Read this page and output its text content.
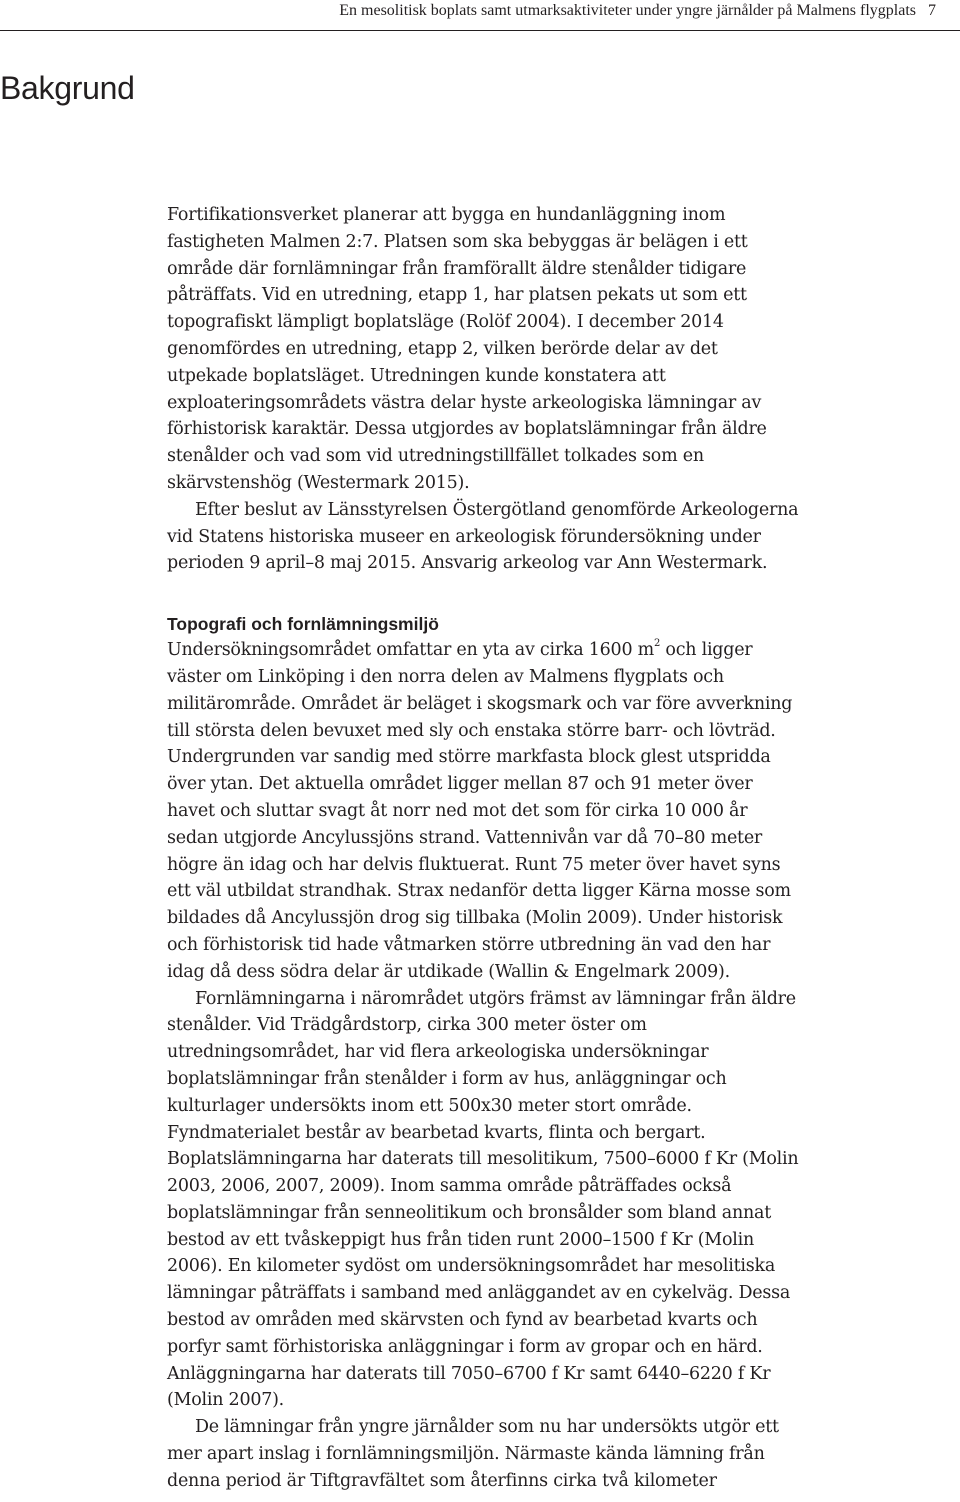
En mesolitisk boplats samt utmarksaktiviteter under yngre järnålder på Malmens flygplats 7
Bakgrund

Fortifikationsverket planerar att bygga en hundanläggning inom fastigheten Malmen 2:7. Platsen som ska bebyggas är belägen i ett område där fornlämningar från framförallt äldre stenålder tidigare påträffats. Vid en utredning, etapp 1, har platsen pekats ut som ett topografiskt lämpligt boplatsläge (Rolöf 2004). I december 2014 genomfördes en utredning, etapp 2, vilken berörde delar av det utpekade boplatsläget. Utredningen kunde konstatera att exploateringsområdets västra delar hyste arkeologiska lämningar av förhistorisk karaktär. Dessa utgjordes av boplatslämningar från äldre stenålder och vad som vid utredningstillfället tolkades som en skärvstenshög (Westermark 2015).

Efter beslut av Länsstyrelsen Östergötland genomförde Arkeologerna vid Statens historiska museer en arkeologisk förundersökning under perioden 9 april–8 maj 2015. Ansvarig arkeolog var Ann Westermark.

Topografi och fornlämningsmiljö

Undersökningsområdet omfattar en yta av cirka 1600 $m^2$ och ligger väster om Linköping i den norra delen av Malmens flygplats och militärområde. Området är beläget i skogsmark och var före avverkning till största delen bevuxet med sly och enstaka större barr- och lövträd. Undergrunden var sandig med större markfasta block glest utspridda över ytan. Det aktuella området ligger mellan 87 och 91 meter över havet och sluttar svagt åt norr ned mot det som för cirka 10 000 år sedan utgjorde Ancylussjöns strand. Vattennivån var då 70–80 meter högre än idag och har delvis fluktuerat. Runt 75 meter över havet syns ett väl utbildat strandhak. Strax nedanför detta ligger Kärna mosse som bildades då Ancylussjön drog sig tillbaka (Molin 2009). Under historisk och förhistorisk tid hade våtmarken större utbredning än vad den har idag då dess södra delar är utdikade (Wallin & Engelmark 2009).

Fornlämningarna i närområdet utgörs främst av lämningar från äldre stenålder. Vid Trädgårdstorp, cirka 300 meter öster om utredningsområdet, har vid flera arkeologiska undersökningar boplatslämningar från stenålder i form av hus, anläggningar och kulturlager undersökts inom ett 500x30 meter stort område. Fyndmaterialet består av bearbetad kvarts, flinta och bergart. Boplatslämningarna har daterats till mesolitikum, 7500–6000 f Kr (Molin 2003, 2006, 2007, 2009). Inom samma område påträffades också boplatslämningar från senneolitikum och bronsålder som bland annat bestod av ett tvåskeppigt hus från tiden runt 2000–1500 f Kr (Molin 2006). En kilometer sydöst om undersökningsområdet har mesolitiska lämningar påträffats i samband med anläggandet av en cykelväg. Dessa bestod av områden med skärvsten och fynd av bearbetad kvarts och porfyr samt förhistoriska anläggningar i form av gropar och en härd. Anläggningarna har daterats till 7050–6700 f Kr samt 6440–6220 f Kr (Molin 2007).

De lämningar från yngre järnålder som nu har undersökts utgör ett mer apart inslag i fornlämningsmiljön. Närmaste kända lämning från denna period är Tiftgravfältet som återfinns cirka två kilometer
